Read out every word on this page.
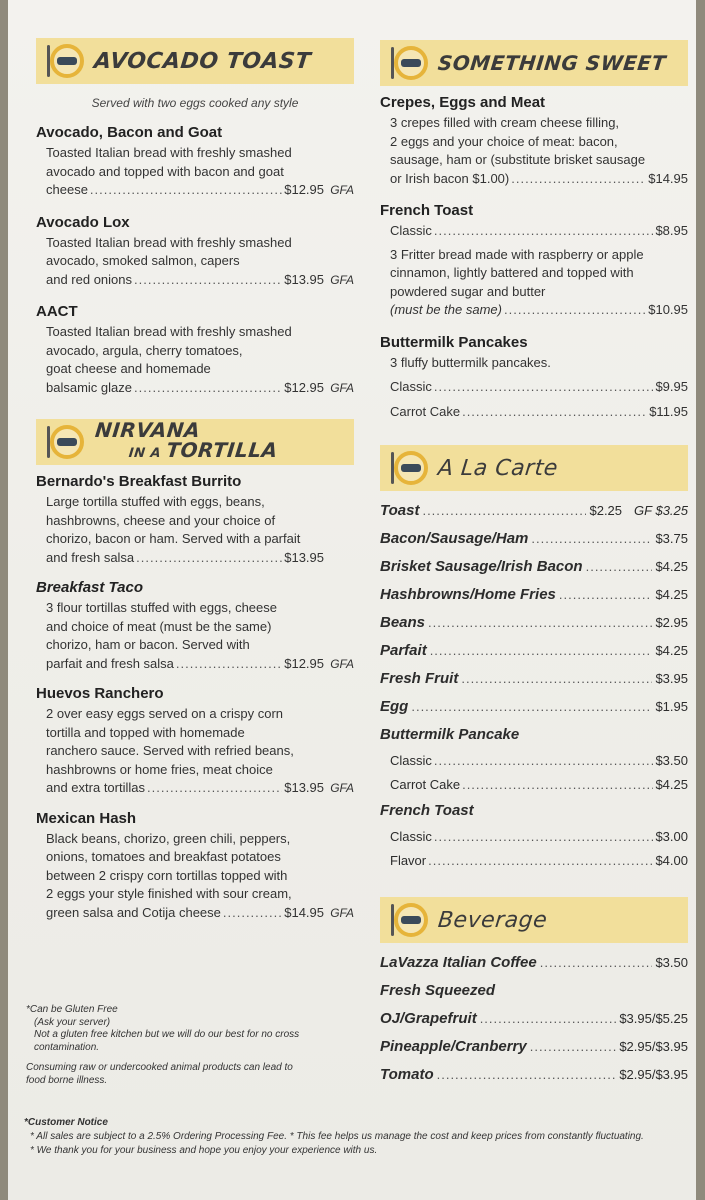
AVOCADO TOAST
Served with two eggs cooked any style
Avocado, Bacon and Goat
Toasted Italian bread with freshly smashed
avocado and topped with bacon and goat
cheese .....	$12.95 GFA
Avocado Lox
Toasted Italian bread with freshly smashed
avocado, smoked salmon, capers
and red onions .....	$13.95 GFA
AACT
Toasted Italian bread with freshly smashed
avocado, argula, cherry tomatoes,
goat cheese and homemade
balsamic glaze .....	$12.95 GFA
NIRVANA
IN A TORTILLA
Bernardo's Breakfast Burrito
Large tortilla stuffed with eggs, beans,
hashbrowns, cheese and your choice of
chorizo, bacon or ham. Served with a parfait
and fresh salsa .....	$13.95
Breakfast Taco
3 flour tortillas stuffed with eggs, cheese
and choice of meat (must be the same)
chorizo, ham or bacon. Served with
parfait and fresh salsa .....	$12.95 GFA
Huevos Ranchero
2 over easy eggs served on a crispy corn
tortilla and topped with homemade
ranchero sauce. Served with refried beans,
hashbrowns or home fries, meat choice
and extra tortillas .....	$13.95 GFA
Mexican Hash
Black beans, chorizo, green chili, peppers,
onions, tomatoes and breakfast potatoes
between 2 crispy corn tortillas topped with
2 eggs your style finished with sour cream,
green salsa and Cotija cheese .....	$14.95 GFA
SOMETHING SWEET
Crepes, Eggs and Meat
3 crepes filled with cream cheese filling,
2 eggs and your choice of meat: bacon,
sausage, ham or (substitute brisket sausage
or Irish bacon $1.00) .....	$14.95
French Toast
Classic .....	$8.95
3 Fritter bread made with raspberry or apple
cinnamon, lightly battered and topped with
powdered sugar and butter
(must be the same) .....	$10.95
Buttermilk Pancakes
3 fluffy buttermilk pancakes.
Classic .....	$9.95
Carrot Cake .....	$11.95
A La Carte
Toast .....	$2.25 GF $3.25
Bacon/Sausage/Ham .....	$3.75
Brisket Sausage/Irish Bacon .....	$4.25
Hashbrowns/Home Fries .....	$4.25
Beans .....	$2.95
Parfait .....	$4.25
Fresh Fruit .....	$3.95
Egg .....	$1.95
Buttermilk Pancake
Classic .....	$3.50
Carrot Cake .....	$4.25
French Toast
Classic .....	$3.00
Flavor .....	$4.00
Beverage
LaVazza Italian Coffee .....	$3.50
Fresh Squeezed
OJ/Grapefruit .....	$3.95/$5.25
Pineapple/Cranberry .....	$2.95/$3.95
Tomato .....	$2.95/$3.95
*Can be Gluten Free
(Ask your server)
Not a gluten free kitchen but we will do our best for no cross
contamination.
Consuming raw or undercooked animal products can lead to
food borne illness.
*Customer Notice
* All sales are subject to a 2.5% Ordering Processing Fee. * This fee helps us manage the cost and keep prices from constantly fluctuating.
* We thank you for your business and hope you enjoy your experience with us.
